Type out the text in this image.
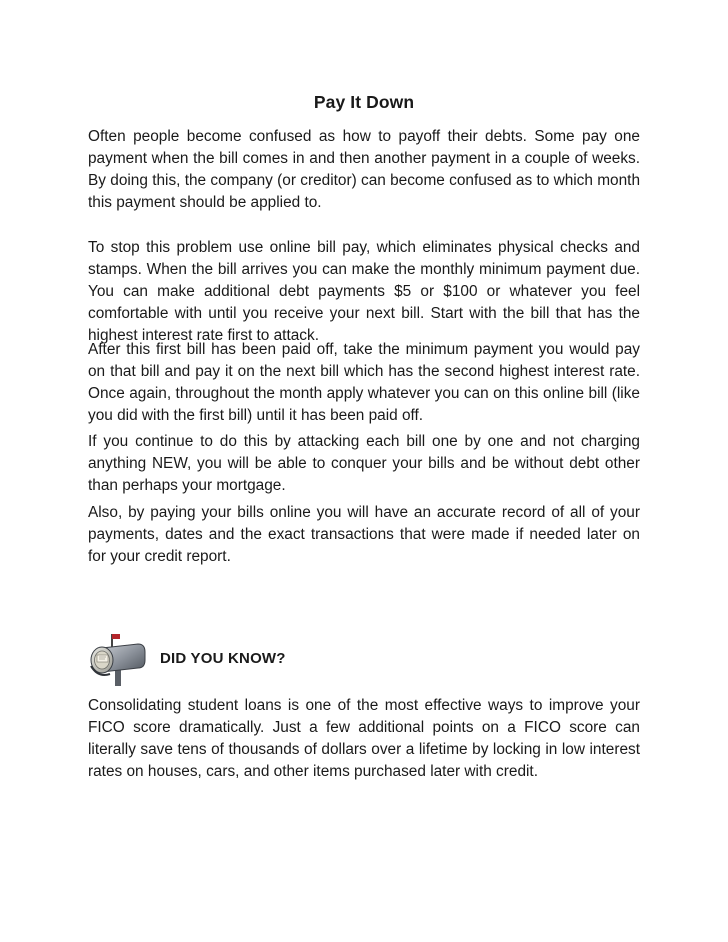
Pay It Down

Often people become confused as how to payoff their debts. Some pay one payment when the bill comes in and then another payment in a couple of weeks. By doing this, the company (or creditor) can become confused as to which month this payment should be applied to.

To stop this problem use online bill pay, which eliminates physical checks and stamps. When the bill arrives you can make the monthly minimum payment due. You can make additional debt payments $5 or $100 or whatever you feel comfortable with until you receive your next bill. Start with the bill that has the highest interest rate first to attack.

After this first bill has been paid off, take the minimum payment you would pay on that bill and pay it on the next bill which has the second highest interest rate. Once again, throughout the month apply whatever you can on this online bill (like you did with the first bill) until it has been paid off.

If you continue to do this by attacking each bill one by one and not charging anything NEW, you will be able to conquer your bills and be without debt other than perhaps your mortgage.

Also, by paying your bills online you will have an accurate record of all of your payments, dates and the exact transactions that were made if needed later on for your credit report.

DID YOU KNOW?

Consolidating student loans is one of the most effective ways to improve your FICO score dramatically. Just a few additional points on a FICO score can literally save tens of thousands of dollars over a lifetime by locking in low interest rates on houses, cars, and other items purchased later with credit.
